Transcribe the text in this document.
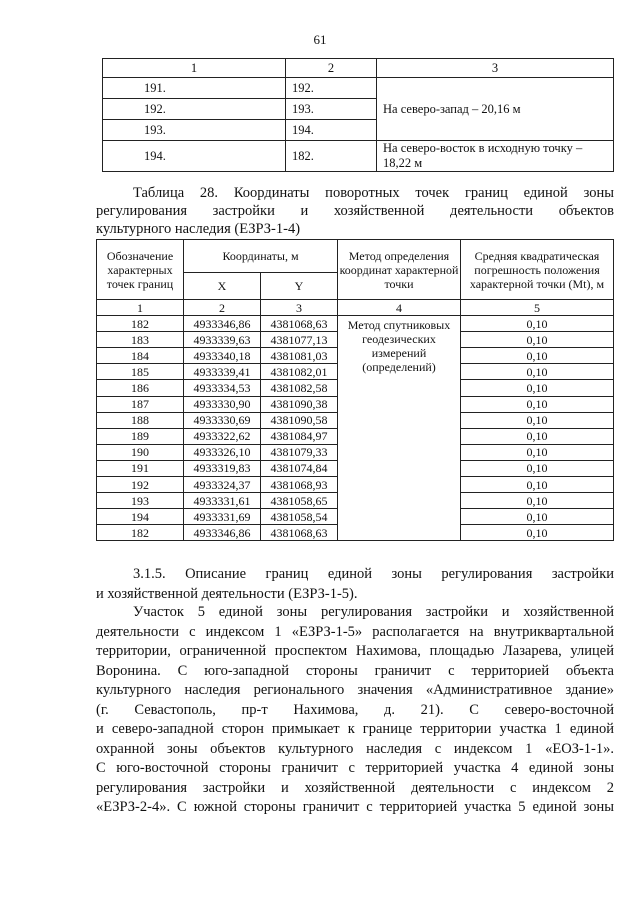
61
1	2	3
191.	192.	На северо-запад – 20,16 м
192.	193.	
193.	194.	
194.	182.	На северо-восток в исходную точку – 18,22 м
Таблица 28. Координаты поворотных точек границ единой зоны
регулирования застройки и хозяйственной деятельности объектов
культурного наследия (ЕЗРЗ-1-4)
Обозначение характерных точек границ	Координаты, м		Метод определения координат характерной точки	Средняя квадратическая погрешность положения характерной точки (Mt), м
	X	Y		
1	2	3	4	5
182	4933346,86	4381068,63	Метод спутниковых геодезических измерений (определений)	0,10
183	4933339,63	4381077,13		0,10
184	4933340,18	4381081,03		0,10
185	4933339,41	4381082,01		0,10
186	4933334,53	4381082,58		0,10
187	4933330,90	4381090,38		0,10
188	4933330,69	4381090,58		0,10
189	4933322,62	4381084,97		0,10
190	4933326,10	4381079,33		0,10
191	4933319,83	4381074,84		0,10
192	4933324,37	4381068,93		0,10
193	4933331,61	4381058,65		0,10
194	4933331,69	4381058,54		0,10
182	4933346,86	4381068,63		0,10
3.1.5. Описание границ единой зоны регулирования застройки
и хозяйственной деятельности (ЕЗРЗ-1-5).
Участок 5 единой зоны регулирования застройки и хозяйственной
деятельности с индексом 1 «ЕЗРЗ-1-5» располагается на внутриквартальной
территории, ограниченной проспектом Нахимова, площадью Лазарева, улицей
Воронина. С юго-западной стороны граничит с территорией объекта
культурного наследия регионального значения «Административное здание»
(г. Севастополь, пр-т Нахимова, д. 21). С северо-восточной
и северо-западной сторон примыкает к границе территории участка 1 единой
охранной зоны объектов культурного наследия с индексом 1 «ЕОЗ-1-1».
С юго-восточной стороны граничит с территорией участка 4 единой зоны
регулирования застройки и хозяйственной деятельности с индексом 2
«ЕЗРЗ-2-4». С южной стороны граничит с территорией участка 5 единой зоны
